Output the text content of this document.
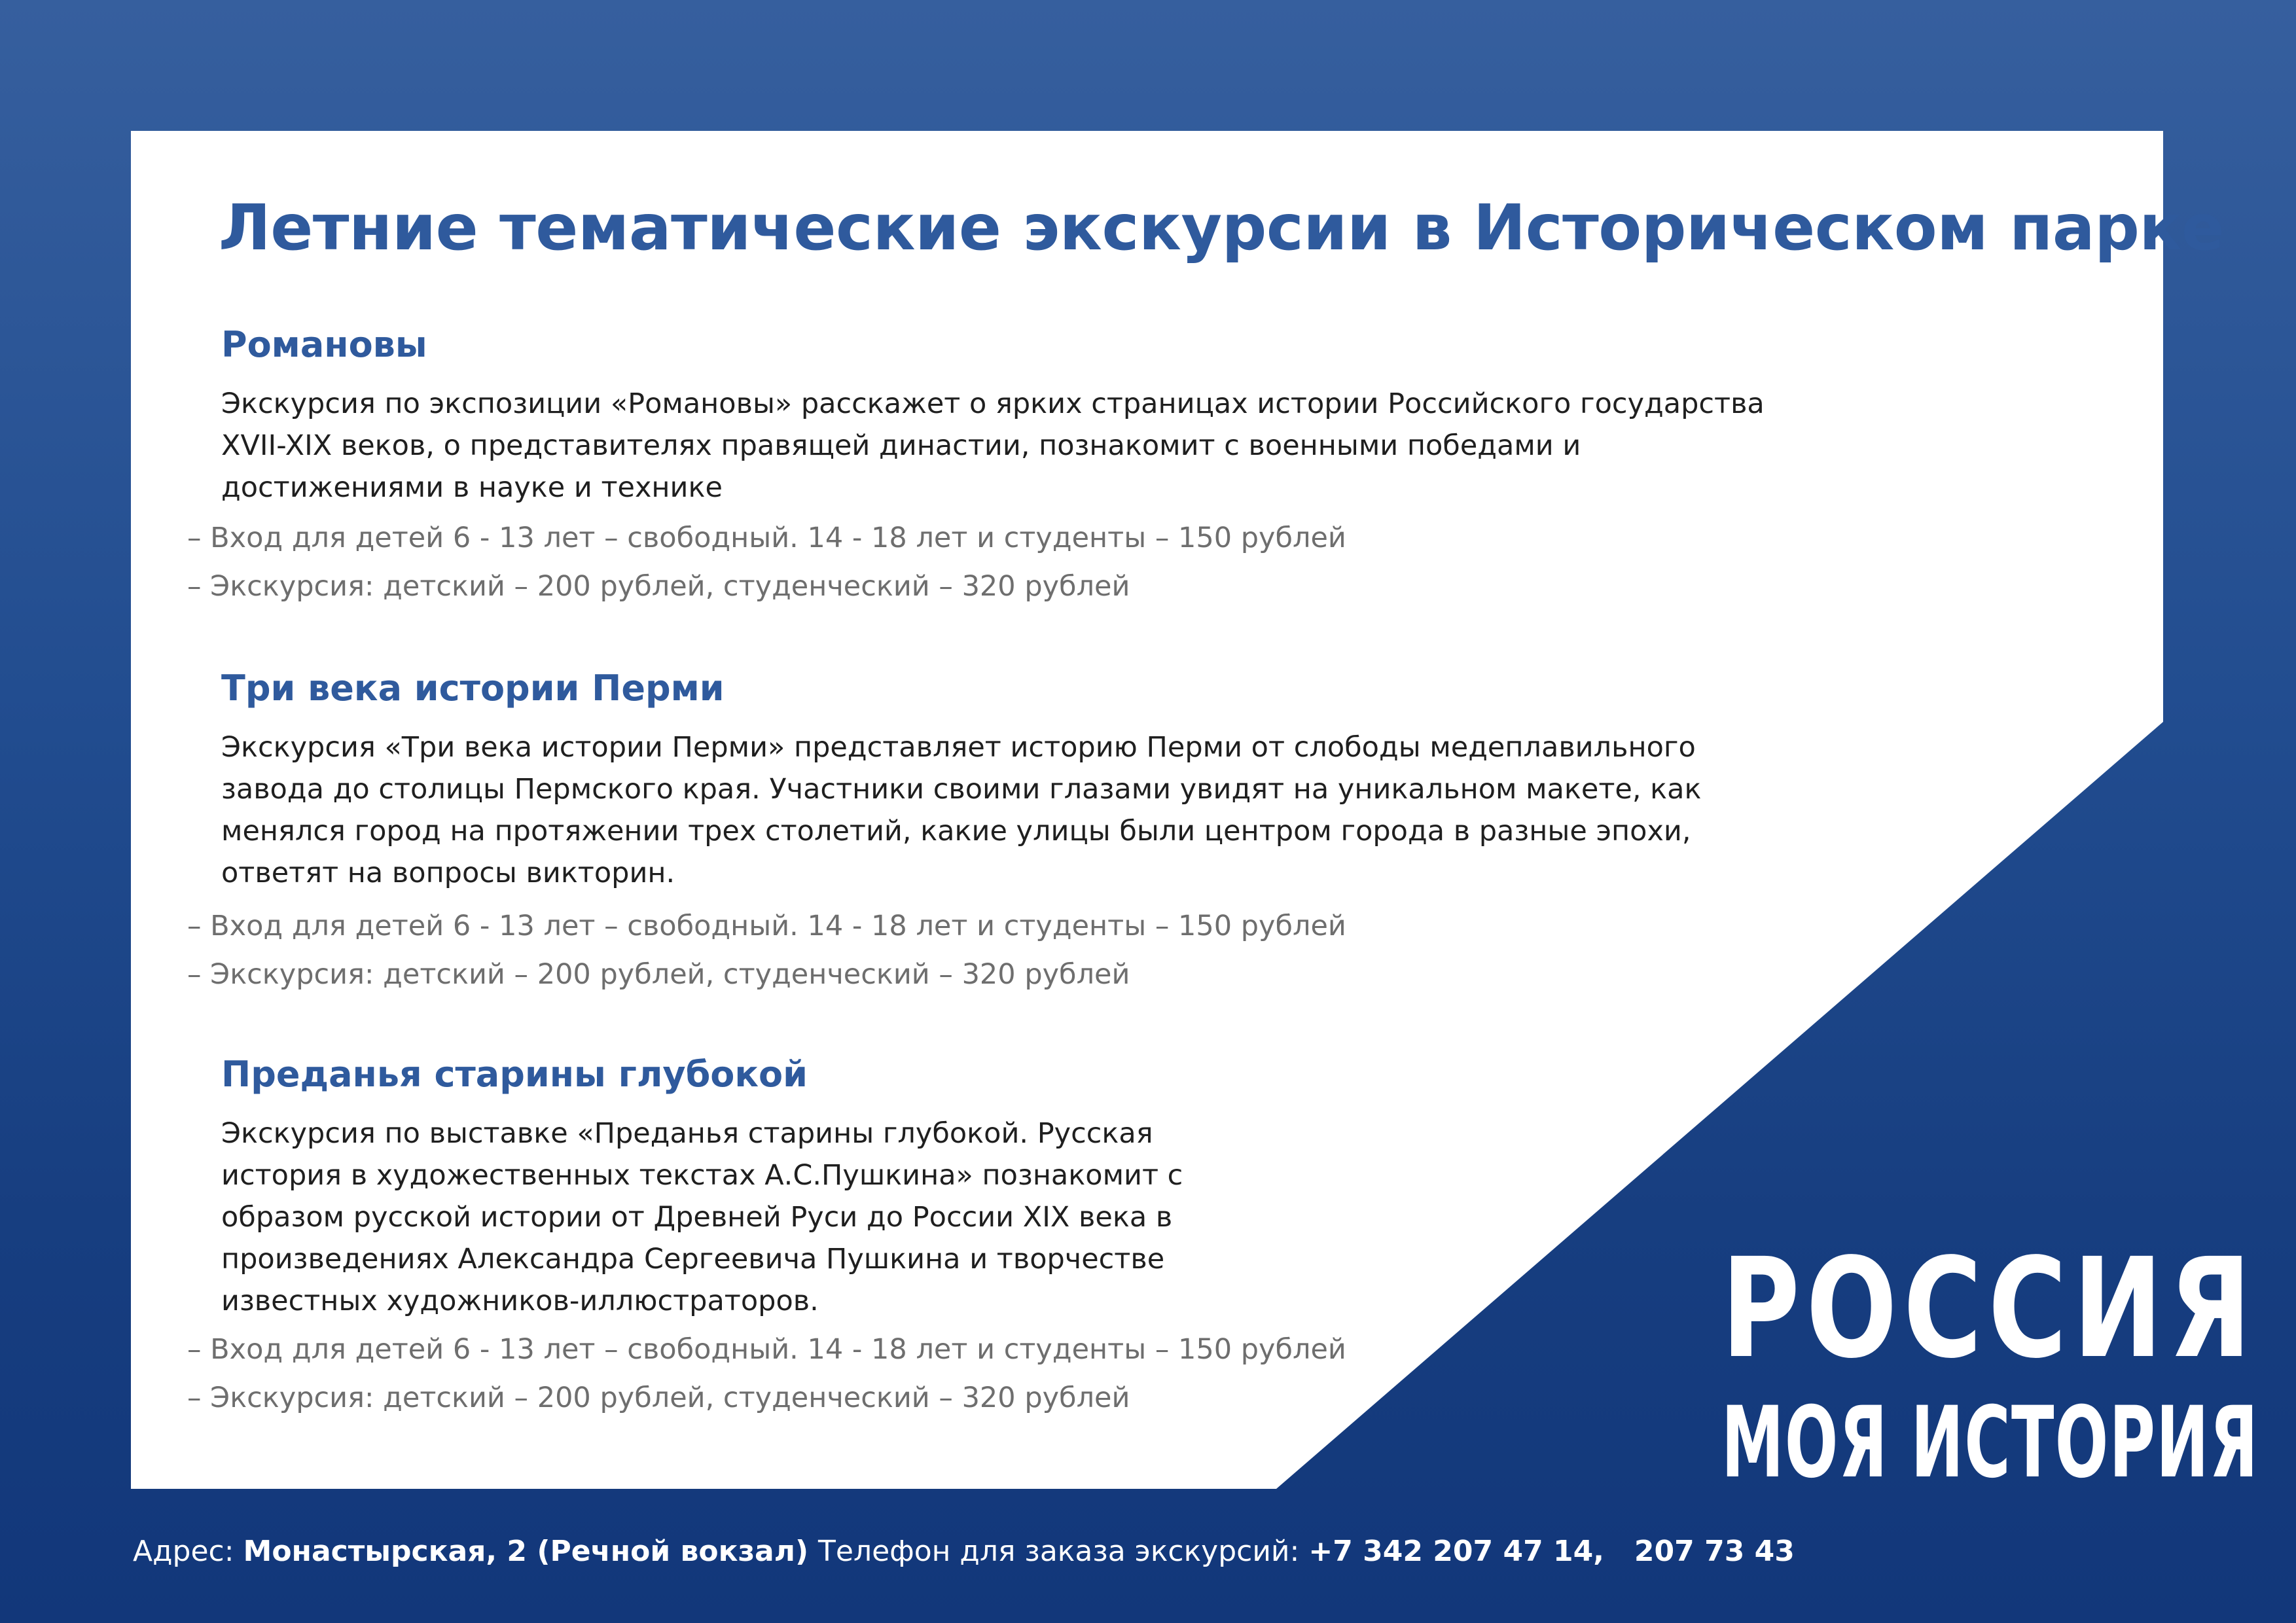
Летние тематические экскурсии в Историческом парке
Романовы

Экскурсия по экспозиции «Романовы» расскажет о ярких страницах истории Российского государства
XVII-XIX веков, о представителях правящей династии, познакомит с военными победами и
достижениями в науке и технике

– Вход для детей 6 - 13 лет – свободный. 14 - 18 лет и студенты – 150 рублей
– Экскурсия: детский – 200 рублей, студенческий – 320 рублей
Три века истории Перми

Экскурсия «Три века истории Перми» представляет историю Перми от слободы медеплавильного
завода до столицы Пермского края. Участники своими глазами увидят на уникальном макете, как
менялся город на протяжении трех столетий, какие улицы были центром города в разные эпохи,
ответят на вопросы викторин.

– Вход для детей 6 - 13 лет – свободный. 14 - 18 лет и студенты – 150 рублей
– Экскурсия: детский – 200 рублей, студенческий – 320 рублей
Преданья старины глубокой

Экскурсия по выставке «Преданья старины глубокой. Русская
история в художественных текстах А.С.Пушкина» познакомит с
образом русской истории от Древней Руси до России XIX века в
произведениях Александра Сергеевича Пушкина и творчестве
известных художников-иллюстраторов.

– Вход для детей 6 - 13 лет – свободный. 14 - 18 лет и студенты – 150 рублей
– Экскурсия: детский – 200 рублей, студенческий – 320 рублей
РОССИЯ
МОЯ ИСТОРИЯ
Адрес: Монастырская, 2 (Речной вокзал) Телефон для заказа экскурсий: +7 342 207 47 14,   207 73 43
